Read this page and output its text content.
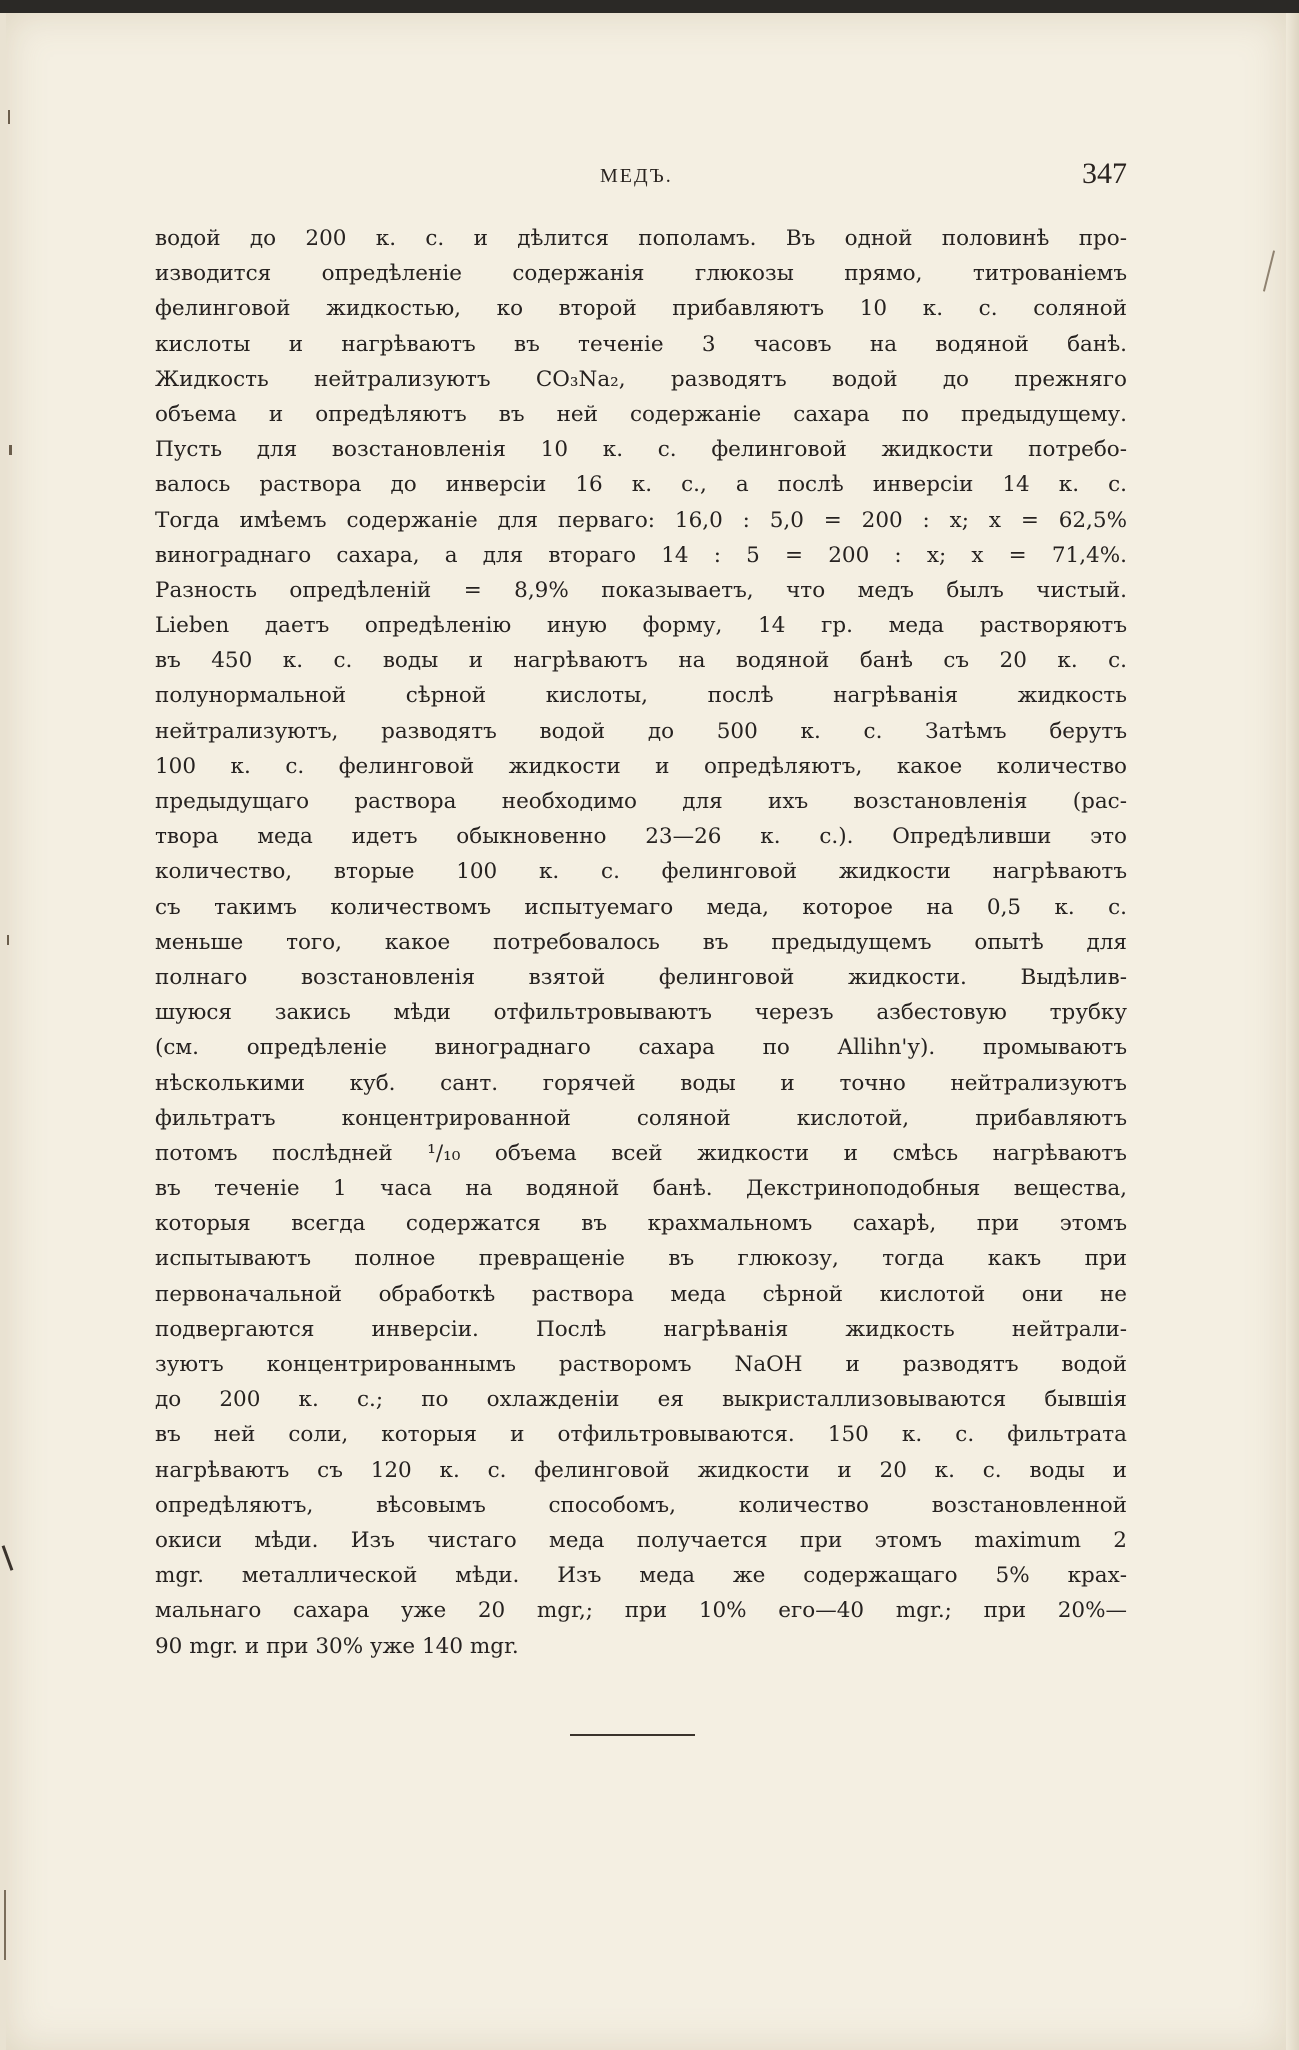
МЕДЪ.	347
водой до 200 к. с. и дѣлится пополамъ. Въ одной половинѣ про-
изводится опредѣленіе содержанія глюкозы прямо, титрованіемъ
фелинговой жидкостью, ко второй прибавляютъ 10 к. с. соляной
кислоты и нагрѣваютъ въ теченіе 3 часовъ на водяной банѣ.
Жидкость нейтрализуютъ CO₃Na₂, разводятъ водой до прежняго
объема и опредѣляютъ въ ней содержаніе сахара по предыдущему.
Пусть для возстановленія 10 к. с. фелинговой жидкости потребо-
валось раствора до инверсіи 16 к. с., а послѣ инверсіи 14 к. с.
Тогда имѣемъ содержаніе для перваго: 16,0 : 5,0 = 200 : x; x = 62,5%
винограднаго сахара, а для втораго 14 : 5 = 200 : x; x = 71,4%.
Разность опредѣленій = 8,9% показываетъ, что медъ былъ чистый.
Lieben даетъ опредѣленію иную форму, 14 гр. меда растворяютъ
въ 450 к. с. воды и нагрѣваютъ на водяной банѣ съ 20 к. с.
полунормальной сѣрной кислоты, послѣ нагрѣванія жидкость
нейтрализуютъ, разводятъ водой до 500 к. с. Затѣмъ берутъ
100 к. с. фелинговой жидкости и опредѣляютъ, какое количество
предыдущаго раствора необходимо для ихъ возстановленія (рас-
твора меда идетъ обыкновенно 23—26 к. с.). Опредѣливши это
количество, вторые 100 к. с. фелинговой жидкости нагрѣваютъ
съ такимъ количествомъ испытуемаго меда, которое на 0,5 к. с.
меньше того, какое потребовалось въ предыдущемъ опытѣ для
полнаго возстановленія взятой фелинговой жидкости. Выдѣлив-
шуюся закись мѣди отфильтровываютъ черезъ азбестовую трубку
(см. опредѣленіе винограднаго сахара по Allihn'у). промываютъ
нѣсколькими куб. сант. горячей воды и точно нейтрализуютъ
фильтратъ концентрированной соляной кислотой, прибавляютъ
потомъ послѣдней ¹/₁₀ объема всей жидкости и смѣсь нагрѣваютъ
въ теченіе 1 часа на водяной банѣ. Декстриноподобныя вещества,
которыя всегда содержатся въ крахмальномъ сахарѣ, при этомъ
испытываютъ полное превращеніе въ глюкозу, тогда какъ при
первоначальной обработкѣ раствора меда сѣрной кислотой они не
подвергаются инверсіи. Послѣ нагрѣванія жидкость нейтрали-
зуютъ концентрированнымъ растворомъ NaOH и разводятъ водой
до 200 к. с.; по охлажденіи ея выкристаллизовываются бывшія
въ ней соли, которыя и отфильтровываются. 150 к. с. фильтрата
нагрѣваютъ съ 120 к. с. фелинговой жидкости и 20 к. с. воды и
опредѣляютъ, вѣсовымъ способомъ, количество возстановленной
окиси мѣди. Изъ чистаго меда получается при этомъ maximum 2
mgr. металлической мѣди. Изъ меда же содержащаго 5% крах-
мальнаго сахара уже 20 mgr,; при 10% его—40 mgr.; при 20%—
90 mgr. и при 30% уже 140 mgr.
